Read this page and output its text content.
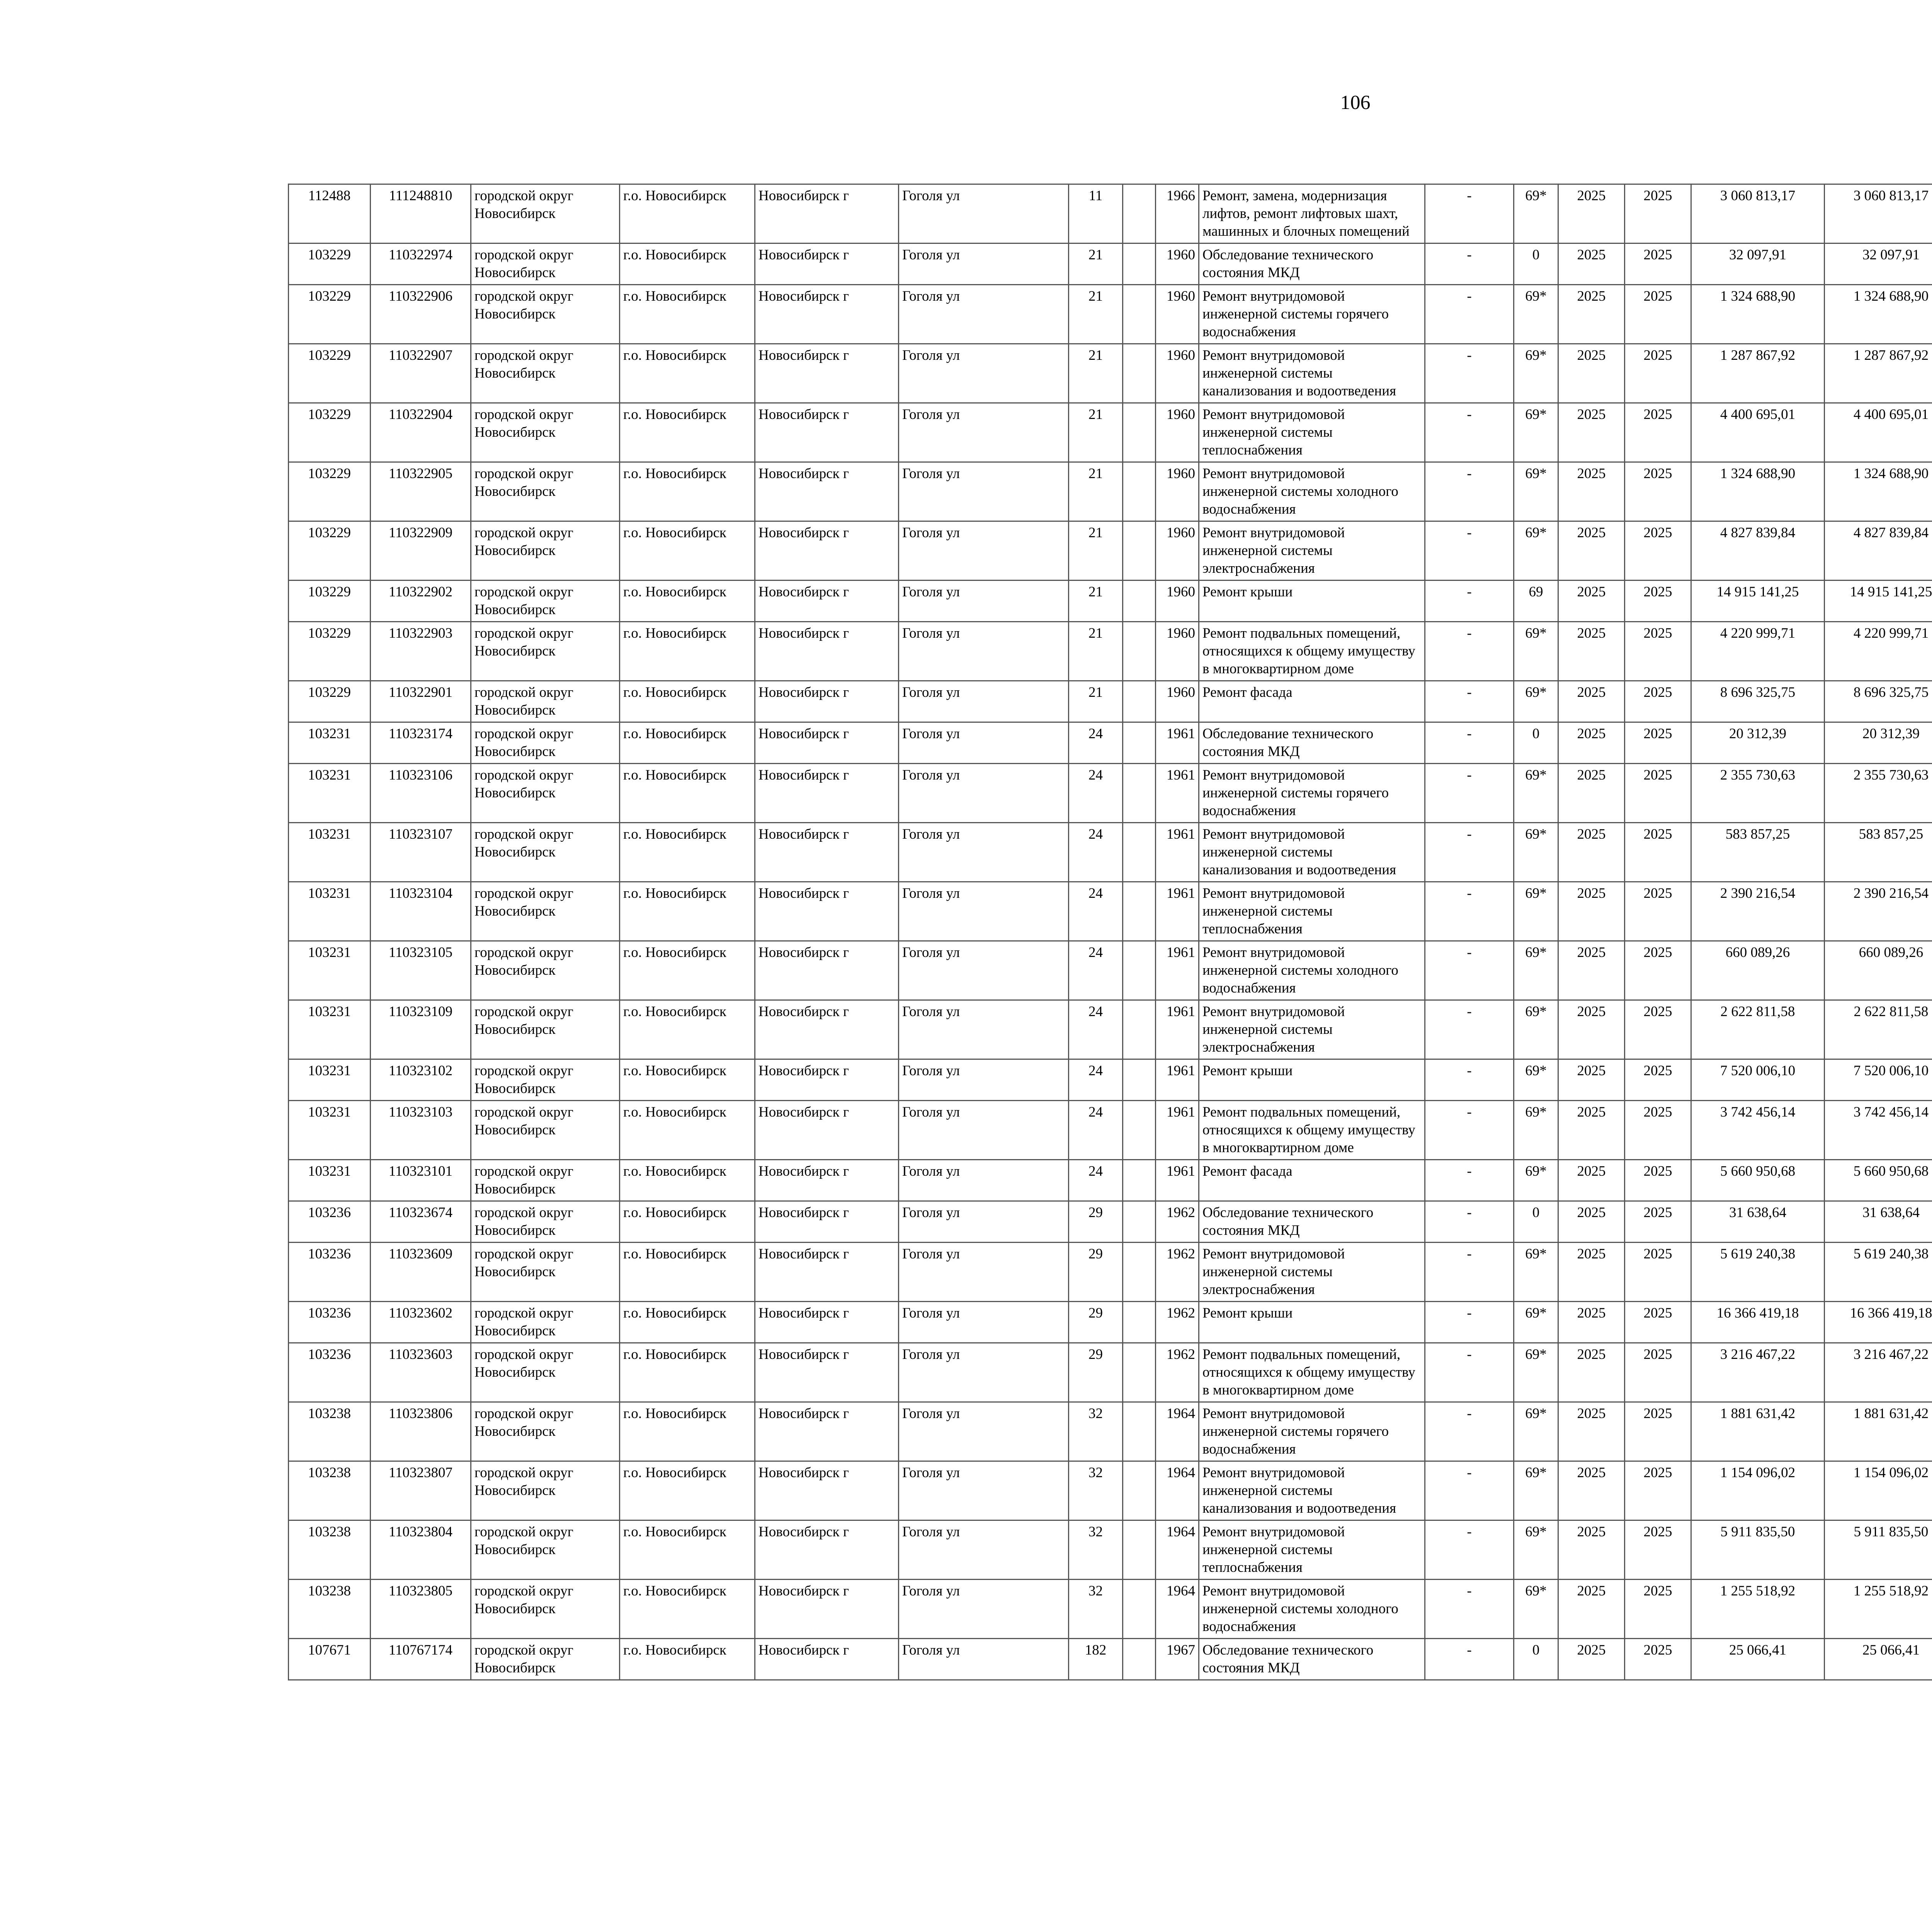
106
112488	111248810	городской округ Новосибирск	г.о. Новосибирск	Новосибирск г	Гоголя ул	11		1966	Ремонт, замена, модернизация лифтов, ремонт лифтовых шахт, машинных и блочных помещений	-	69*	2025	2025	3 060 813,17	3 060 813,17						
103229	110322974	городской округ Новосибирск	г.о. Новосибирск	Новосибирск г	Гоголя ул	21		1960	Обследование технического состояния МКД	-	0	2025	2025	32 097,91	32 097,91						
103229	110322906	городской округ Новосибирск	г.о. Новосибирск	Новосибирск г	Гоголя ул	21		1960	Ремонт внутридомовой инженерной системы горячего водоснабжения	-	69*	2025	2025	1 324 688,90	1 324 688,90						
103229	110322907	городской округ Новосибирск	г.о. Новосибирск	Новосибирск г	Гоголя ул	21		1960	Ремонт внутридомовой инженерной системы канализования и водоотведения	-	69*	2025	2025	1 287 867,92	1 287 867,92						
103229	110322904	городской округ Новосибирск	г.о. Новосибирск	Новосибирск г	Гоголя ул	21		1960	Ремонт внутридомовой инженерной системы теплоснабжения	-	69*	2025	2025	4 400 695,01	4 400 695,01						
103229	110322905	городской округ Новосибирск	г.о. Новосибирск	Новосибирск г	Гоголя ул	21		1960	Ремонт внутридомовой инженерной системы холодного водоснабжения	-	69*	2025	2025	1 324 688,90	1 324 688,90						
103229	110322909	городской округ Новосибирск	г.о. Новосибирск	Новосибирск г	Гоголя ул	21		1960	Ремонт внутридомовой инженерной системы электроснабжения	-	69*	2025	2025	4 827 839,84	4 827 839,84						
103229	110322902	городской округ Новосибирск	г.о. Новосибирск	Новосибирск г	Гоголя ул	21		1960	Ремонт крыши	-	69	2025	2025	14 915 141,25	14 915 141,25						
103229	110322903	городской округ Новосибирск	г.о. Новосибирск	Новосибирск г	Гоголя ул	21		1960	Ремонт подвальных помещений, относящихся к общему имуществу в многоквартирном доме	-	69*	2025	2025	4 220 999,71	4 220 999,71						
103229	110322901	городской округ Новосибирск	г.о. Новосибирск	Новосибирск г	Гоголя ул	21		1960	Ремонт фасада	-	69*	2025	2025	8 696 325,75	8 696 325,75						
103231	110323174	городской округ Новосибирск	г.о. Новосибирск	Новосибирск г	Гоголя ул	24		1961	Обследование технического состояния МКД	-	0	2025	2025	20 312,39	20 312,39						
103231	110323106	городской округ Новосибирск	г.о. Новосибирск	Новосибирск г	Гоголя ул	24		1961	Ремонт внутридомовой инженерной системы горячего водоснабжения	-	69*	2025	2025	2 355 730,63	2 355 730,63						
103231	110323107	городской округ Новосибирск	г.о. Новосибирск	Новосибирск г	Гоголя ул	24		1961	Ремонт внутридомовой инженерной системы канализования и водоотведения	-	69*	2025	2025	583 857,25	583 857,25						
103231	110323104	городской округ Новосибирск	г.о. Новосибирск	Новосибирск г	Гоголя ул	24		1961	Ремонт внутридомовой инженерной системы теплоснабжения	-	69*	2025	2025	2 390 216,54	2 390 216,54						
103231	110323105	городской округ Новосибирск	г.о. Новосибирск	Новосибирск г	Гоголя ул	24		1961	Ремонт внутридомовой инженерной системы холодного водоснабжения	-	69*	2025	2025	660 089,26	660 089,26						
103231	110323109	городской округ Новосибирск	г.о. Новосибирск	Новосибирск г	Гоголя ул	24		1961	Ремонт внутридомовой инженерной системы электроснабжения	-	69*	2025	2025	2 622 811,58	2 622 811,58						
103231	110323102	городской округ Новосибирск	г.о. Новосибирск	Новосибирск г	Гоголя ул	24		1961	Ремонт крыши	-	69*	2025	2025	7 520 006,10	7 520 006,10						
103231	110323103	городской округ Новосибирск	г.о. Новосибирск	Новосибирск г	Гоголя ул	24		1961	Ремонт подвальных помещений, относящихся к общему имуществу в многоквартирном доме	-	69*	2025	2025	3 742 456,14	3 742 456,14						
103231	110323101	городской округ Новосибирск	г.о. Новосибирск	Новосибирск г	Гоголя ул	24		1961	Ремонт фасада	-	69*	2025	2025	5 660 950,68	5 660 950,68						
103236	110323674	городской округ Новосибирск	г.о. Новосибирск	Новосибирск г	Гоголя ул	29		1962	Обследование технического состояния МКД	-	0	2025	2025	31 638,64	31 638,64						
103236	110323609	городской округ Новосибирск	г.о. Новосибирск	Новосибирск г	Гоголя ул	29		1962	Ремонт внутридомовой инженерной системы электроснабжения	-	69*	2025	2025	5 619 240,38	5 619 240,38						
103236	110323602	городской округ Новосибирск	г.о. Новосибирск	Новосибирск г	Гоголя ул	29		1962	Ремонт крыши	-	69*	2025	2025	16 366 419,18	16 366 419,18						
103236	110323603	городской округ Новосибирск	г.о. Новосибирск	Новосибирск г	Гоголя ул	29		1962	Ремонт подвальных помещений, относящихся к общему имуществу в многоквартирном доме	-	69*	2025	2025	3 216 467,22	3 216 467,22						
103238	110323806	городской округ Новосибирск	г.о. Новосибирск	Новосибирск г	Гоголя ул	32		1964	Ремонт внутридомовой инженерной системы горячего водоснабжения	-	69*	2025	2025	1 881 631,42	1 881 631,42						
103238	110323807	городской округ Новосибирск	г.о. Новосибирск	Новосибирск г	Гоголя ул	32		1964	Ремонт внутридомовой инженерной системы канализования и водоотведения	-	69*	2025	2025	1 154 096,02	1 154 096,02						
103238	110323804	городской округ Новосибирск	г.о. Новосибирск	Новосибирск г	Гоголя ул	32		1964	Ремонт внутридомовой инженерной системы теплоснабжения	-	69*	2025	2025	5 911 835,50	5 911 835,50						
103238	110323805	городской округ Новосибирск	г.о. Новосибирск	Новосибирск г	Гоголя ул	32		1964	Ремонт внутридомовой инженерной системы холодного водоснабжения	-	69*	2025	2025	1 255 518,92	1 255 518,92						
107671	110767174	городской округ Новосибирск	г.о. Новосибирск	Новосибирск г	Гоголя ул	182		1967	Обследование технического состояния МКД	-	0	2025	2025	25 066,41	25 066,41						
